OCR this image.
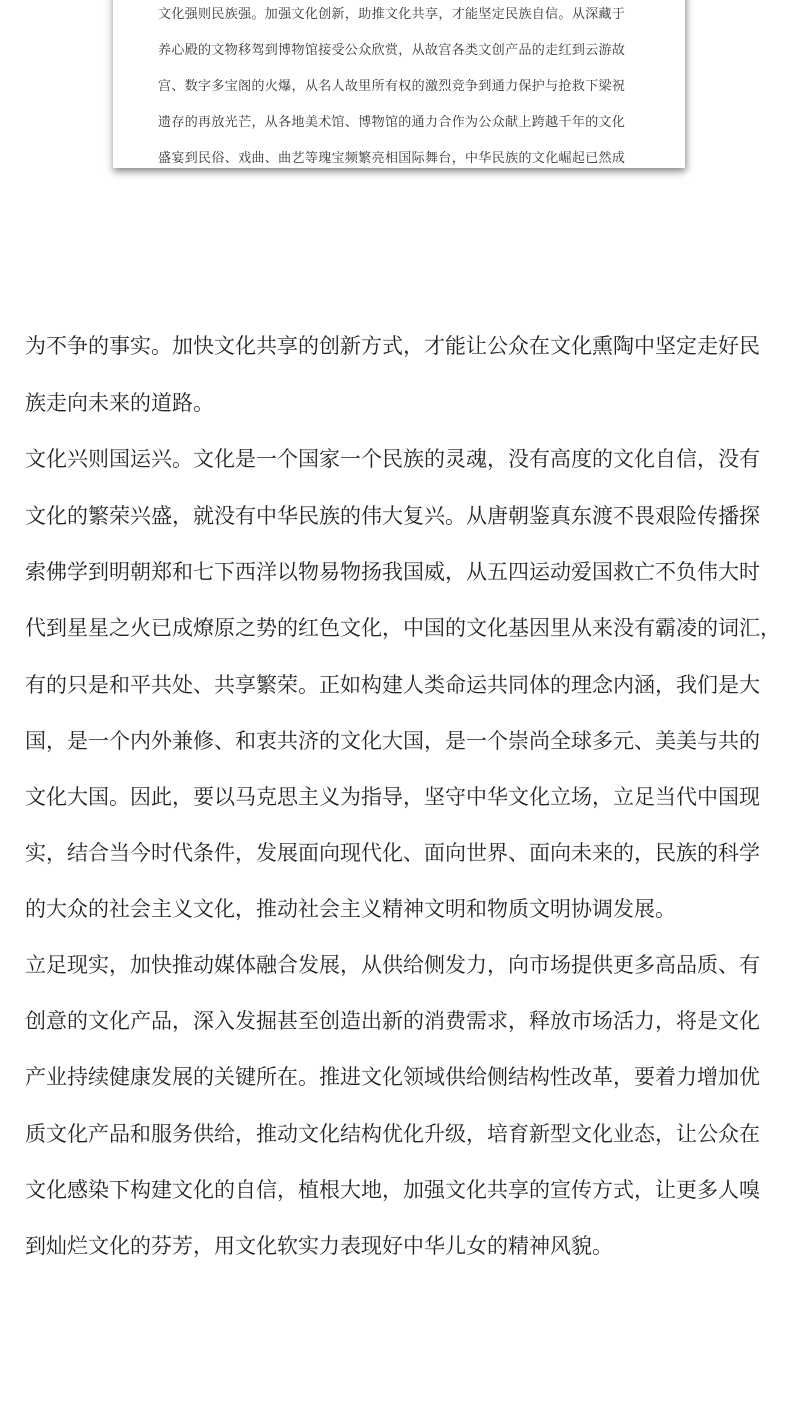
文化强则民族强。加强文化创新，助推文化共享，才能坚定民族自信。从深藏于
养心殿的文物移驾到博物馆接受公众欣赏，从故宫各类文创产品的走红到云游故
宫、数字多宝阁的火爆，从名人故里所有权的激烈竞争到通力保护与抢救下梁祝
遗存的再放光芒，从各地美术馆、博物馆的通力合作为公众献上跨越千年的文化
盛宴到民俗、戏曲、曲艺等瑰宝频繁亮相国际舞台，中华民族的文化崛起已然成
为不争的事实。加快文化共享的创新方式，才能让公众在文化熏陶中坚定走好民
族走向未来的道路。
文化兴则国运兴。文化是一个国家一个民族的灵魂，没有高度的文化自信，没有
文化的繁荣兴盛，就没有中华民族的伟大复兴。从唐朝鉴真东渡不畏艰险传播探
索佛学到明朝郑和七下西洋以物易物扬我国威，从五四运动爱国救亡不负伟大时
代到星星之火已成燎原之势的红色文化，中国的文化基因里从来没有霸凌的词汇，
有的只是和平共处、共享繁荣。正如构建人类命运共同体的理念内涵，我们是大
国，是一个内外兼修、和衷共济的文化大国，是一个崇尚全球多元、美美与共的
文化大国。因此，要以马克思主义为指导，坚守中华文化立场，立足当代中国现
实，结合当今时代条件，发展面向现代化、面向世界、面向未来的，民族的科学
的大众的社会主义文化，推动社会主义精神文明和物质文明协调发展。
立足现实，加快推动媒体融合发展，从供给侧发力，向市场提供更多高品质、有
创意的文化产品，深入发掘甚至创造出新的消费需求，释放市场活力，将是文化
产业持续健康发展的关键所在。推进文化领域供给侧结构性改革，要着力增加优
质文化产品和服务供给，推动文化结构优化升级，培育新型文化业态，让公众在
文化感染下构建文化的自信，植根大地，加强文化共享的宣传方式，让更多人嗅
到灿烂文化的芬芳，用文化软实力表现好中华儿女的精神风貌。
